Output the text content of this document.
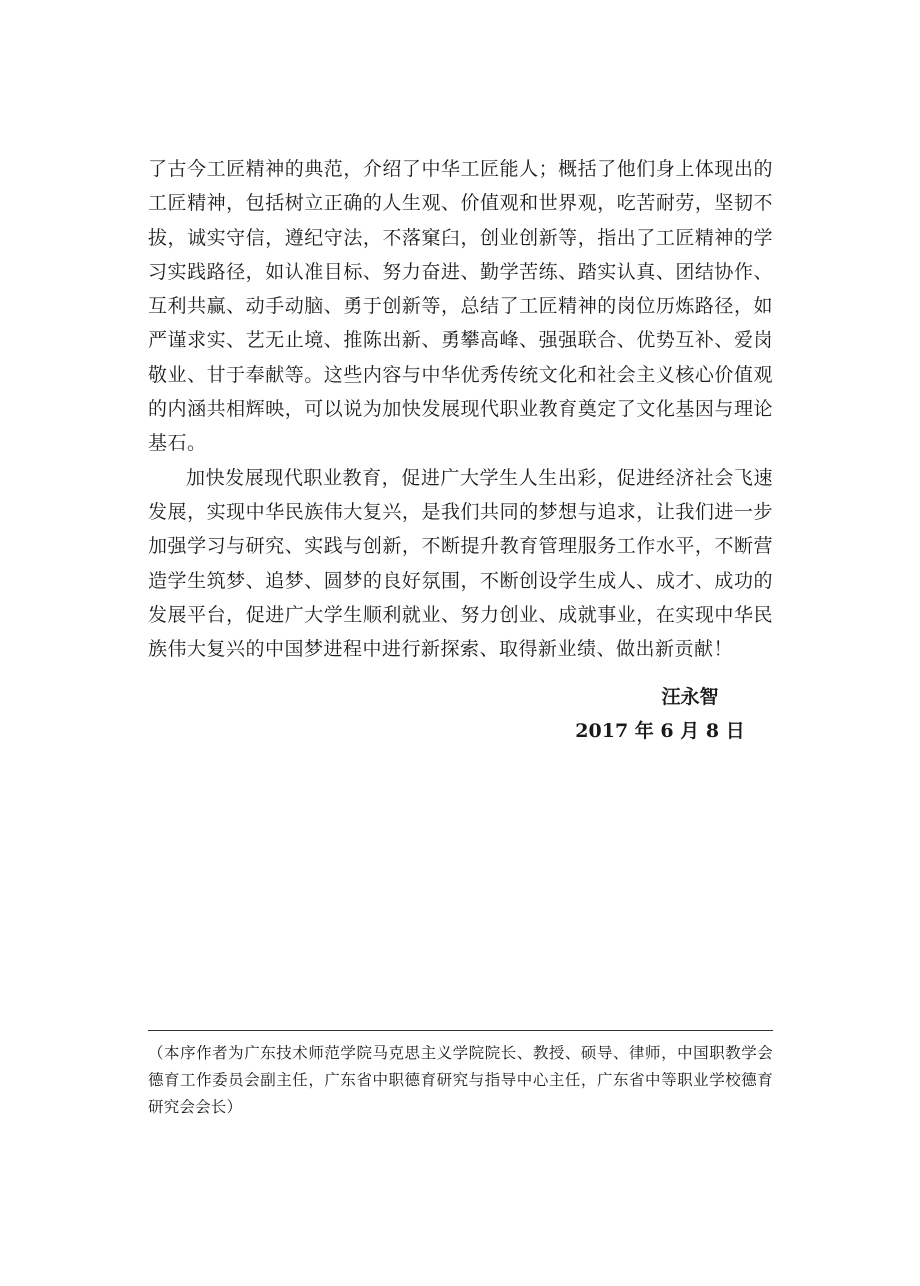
了古今工匠精神的典范，介绍了中华工匠能人；概括了他们身上体现出的工匠精神，包括树立正确的人生观、价值观和世界观，吃苦耐劳，坚韧不拔，诚实守信，遵纪守法，不落窠臼，创业创新等，指出了工匠精神的学习实践路径，如认准目标、努力奋进、勤学苦练、踏实认真、团结协作、互利共赢、动手动脑、勇于创新等，总结了工匠精神的岗位历炼路径，如严谨求实、艺无止境、推陈出新、勇攀高峰、强强联合、优势互补、爱岗敬业、甘于奉献等。这些内容与中华优秀传统文化和社会主义核心价值观的内涵共相辉映，可以说为加快发展现代职业教育奠定了文化基因与理论基石。

加快发展现代职业教育，促进广大学生人生出彩，促进经济社会飞速发展，实现中华民族伟大复兴，是我们共同的梦想与追求，让我们进一步加强学习与研究、实践与创新，不断提升教育管理服务工作水平，不断营造学生筑梦、追梦、圆梦的良好氛围，不断创设学生成人、成才、成功的发展平台，促进广大学生顺利就业、努力创业、成就事业，在实现中华民族伟大复兴的中国梦进程中进行新探索、取得新业绩、做出新贡献！

汪永智
2017 年 6 月 8 日

（本序作者为广东技术师范学院马克思主义学院院长、教授、硕导、律师，中国职教学会德育工作委员会副主任，广东省中职德育研究与指导中心主任，广东省中等职业学校德育研究会会长）
